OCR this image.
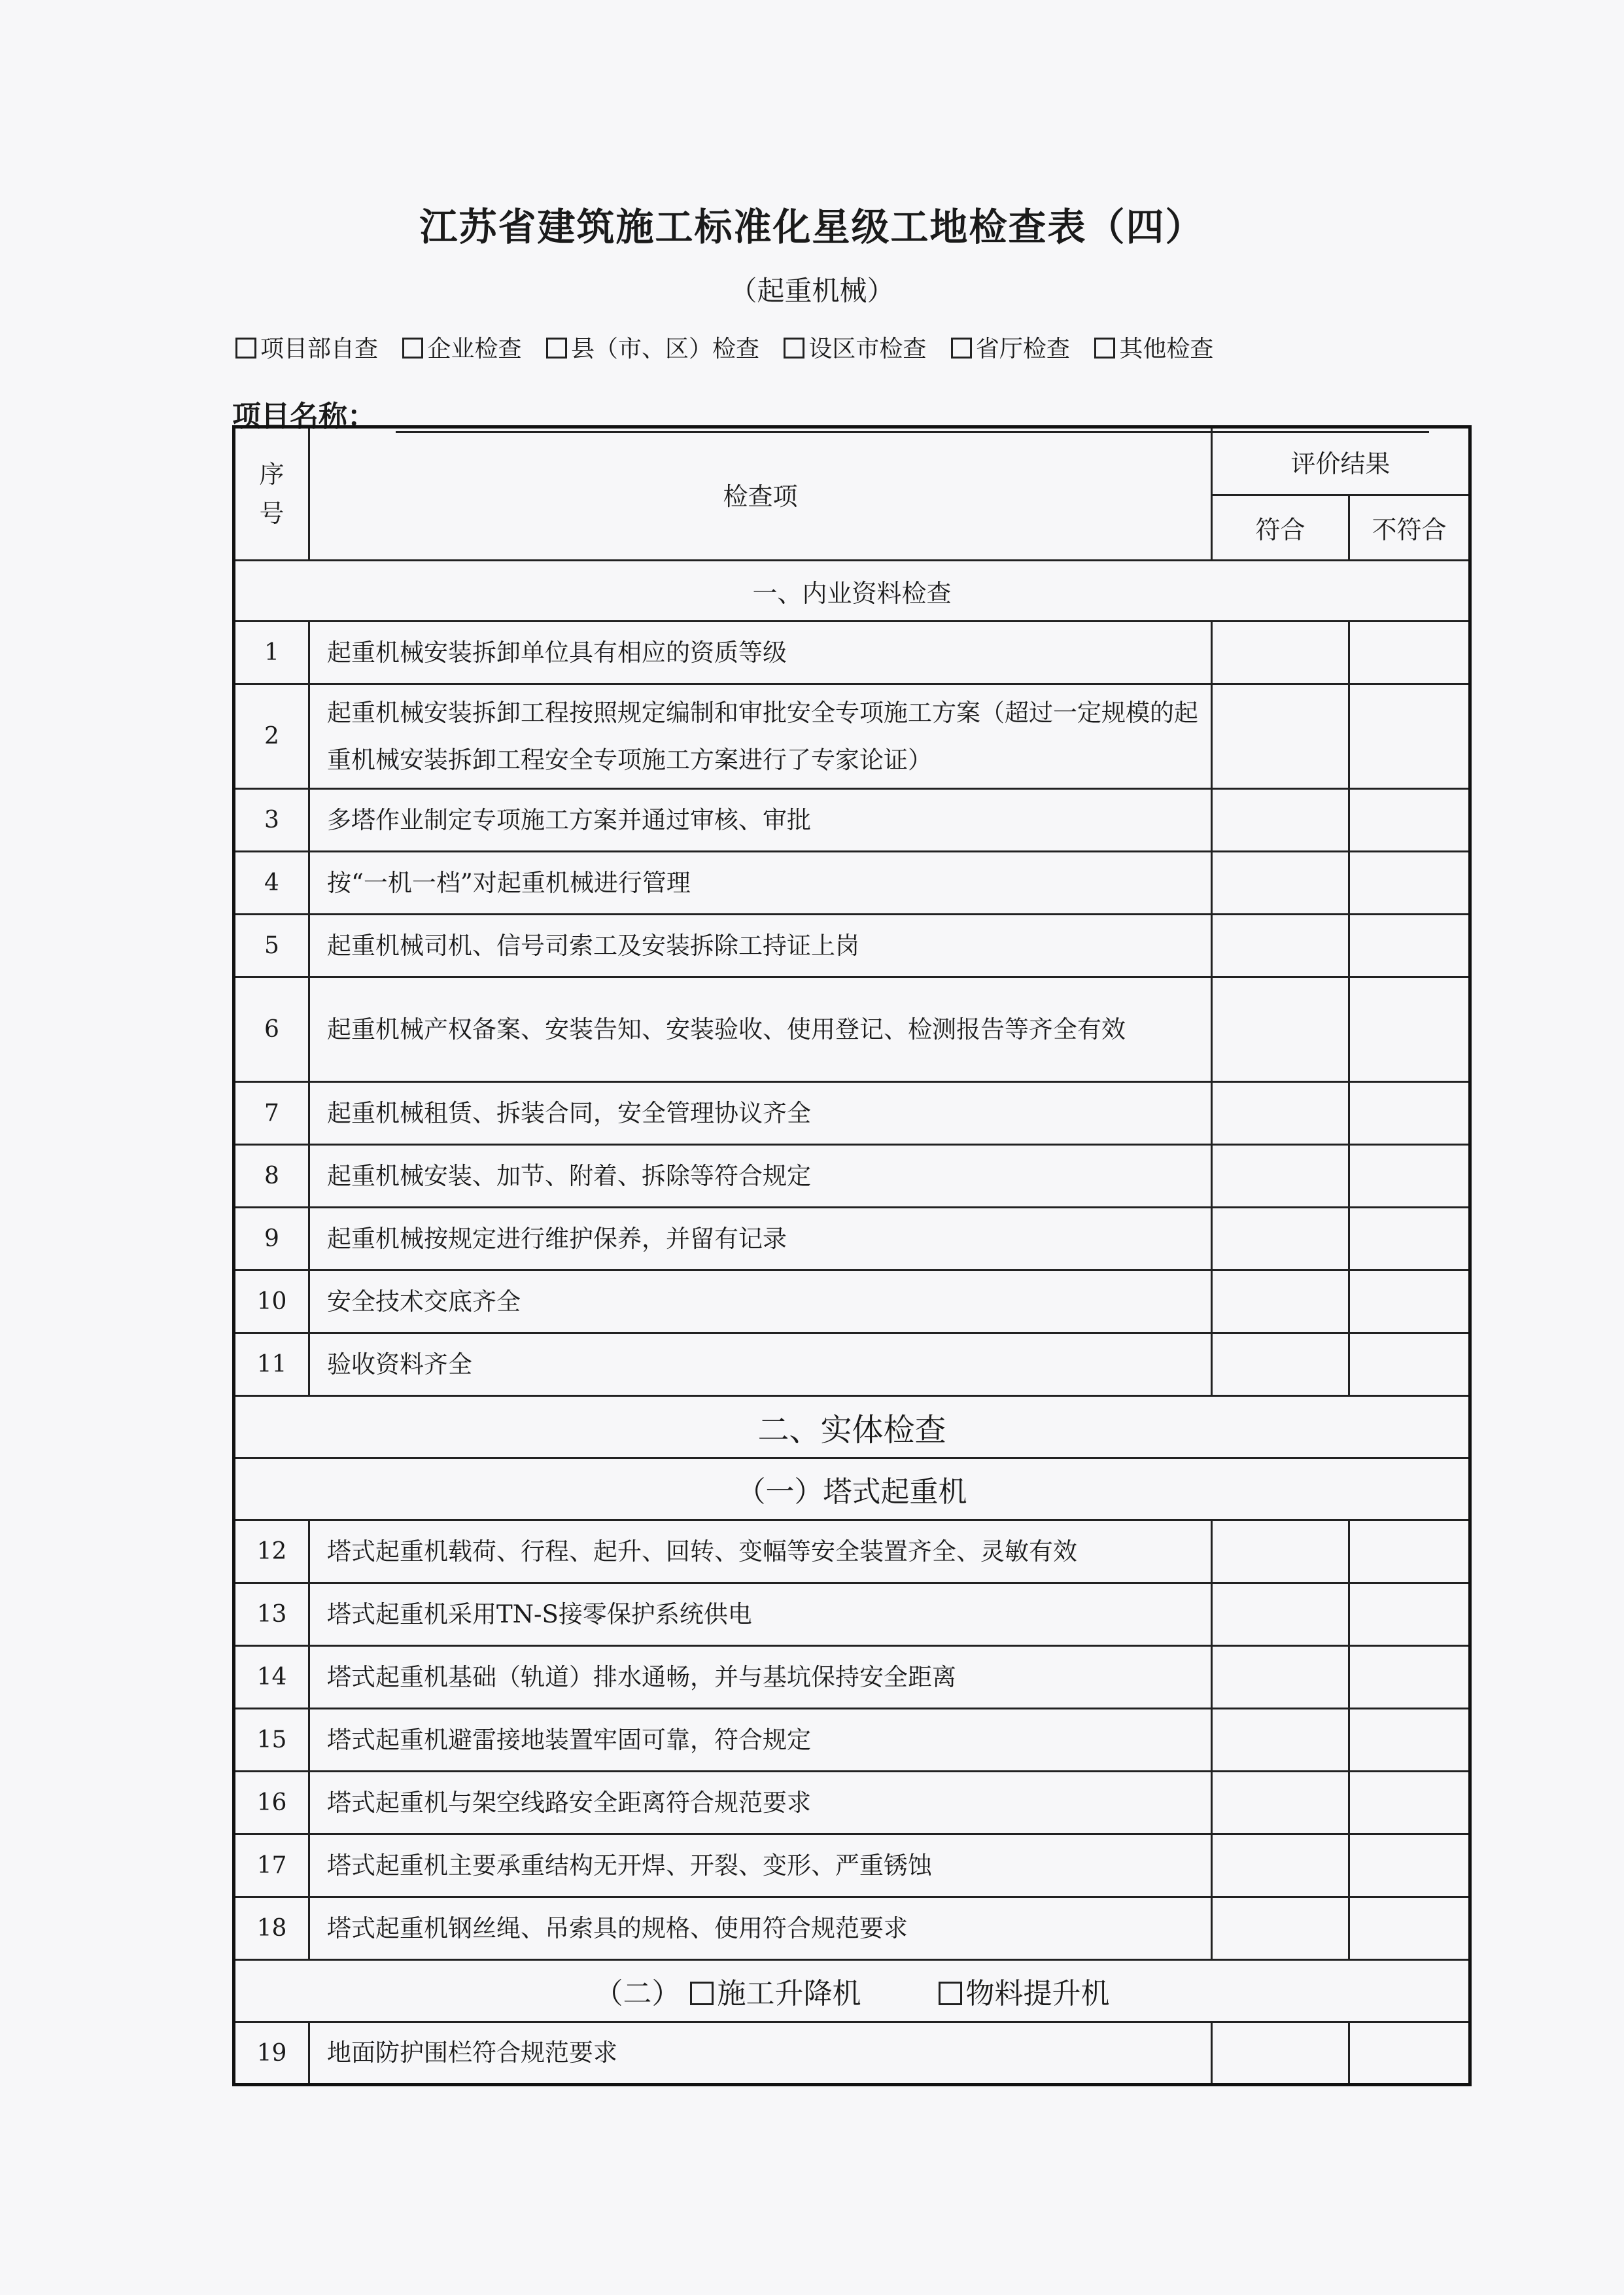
江苏省建筑施工标准化星级工地检查表（四）
（起重机械）
项目部自查 企业检查 县（市、区）检查 设区市检查 省厅检查 其他检查
项目名称：
序
号	检查项	评价结果	
		符合	不符合
一、内业资料检查			
1	起重机械安装拆卸单位具有相应的资质等级		
2	起重机械安装拆卸工程按照规定编制和审批安全专项施工方案（超过一定规模的起重机械安装拆卸工程安全专项施工方案进行了专家论证）		
3	多塔作业制定专项施工方案并通过审核、审批		
4	按“一机一档”对起重机械进行管理		
5	起重机械司机、信号司索工及安装拆除工持证上岗		
6	起重机械产权备案、安装告知、安装验收、使用登记、检测报告等齐全有效		
7	起重机械租赁、拆装合同，安全管理协议齐全		
8	起重机械安装、加节、附着、拆除等符合规定		
9	起重机械按规定进行维护保养，并留有记录		
10	安全技术交底齐全		
11	验收资料齐全		
二、实体检查			
（一）塔式起重机			
12	塔式起重机载荷、行程、起升、回转、变幅等安全装置齐全、灵敏有效		
13	塔式起重机采用TN-S接零保护系统供电		
14	塔式起重机基础（轨道）排水通畅，并与基坑保持安全距离		
15	塔式起重机避雷接地装置牢固可靠，符合规定		
16	塔式起重机与架空线路安全距离符合规范要求		
17	塔式起重机主要承重结构无开焊、开裂、变形、严重锈蚀		
18	塔式起重机钢丝绳、吊索具的规格、使用符合规范要求		
（二） 施工升降机 物料提升机			
19	地面防护围栏符合规范要求		
